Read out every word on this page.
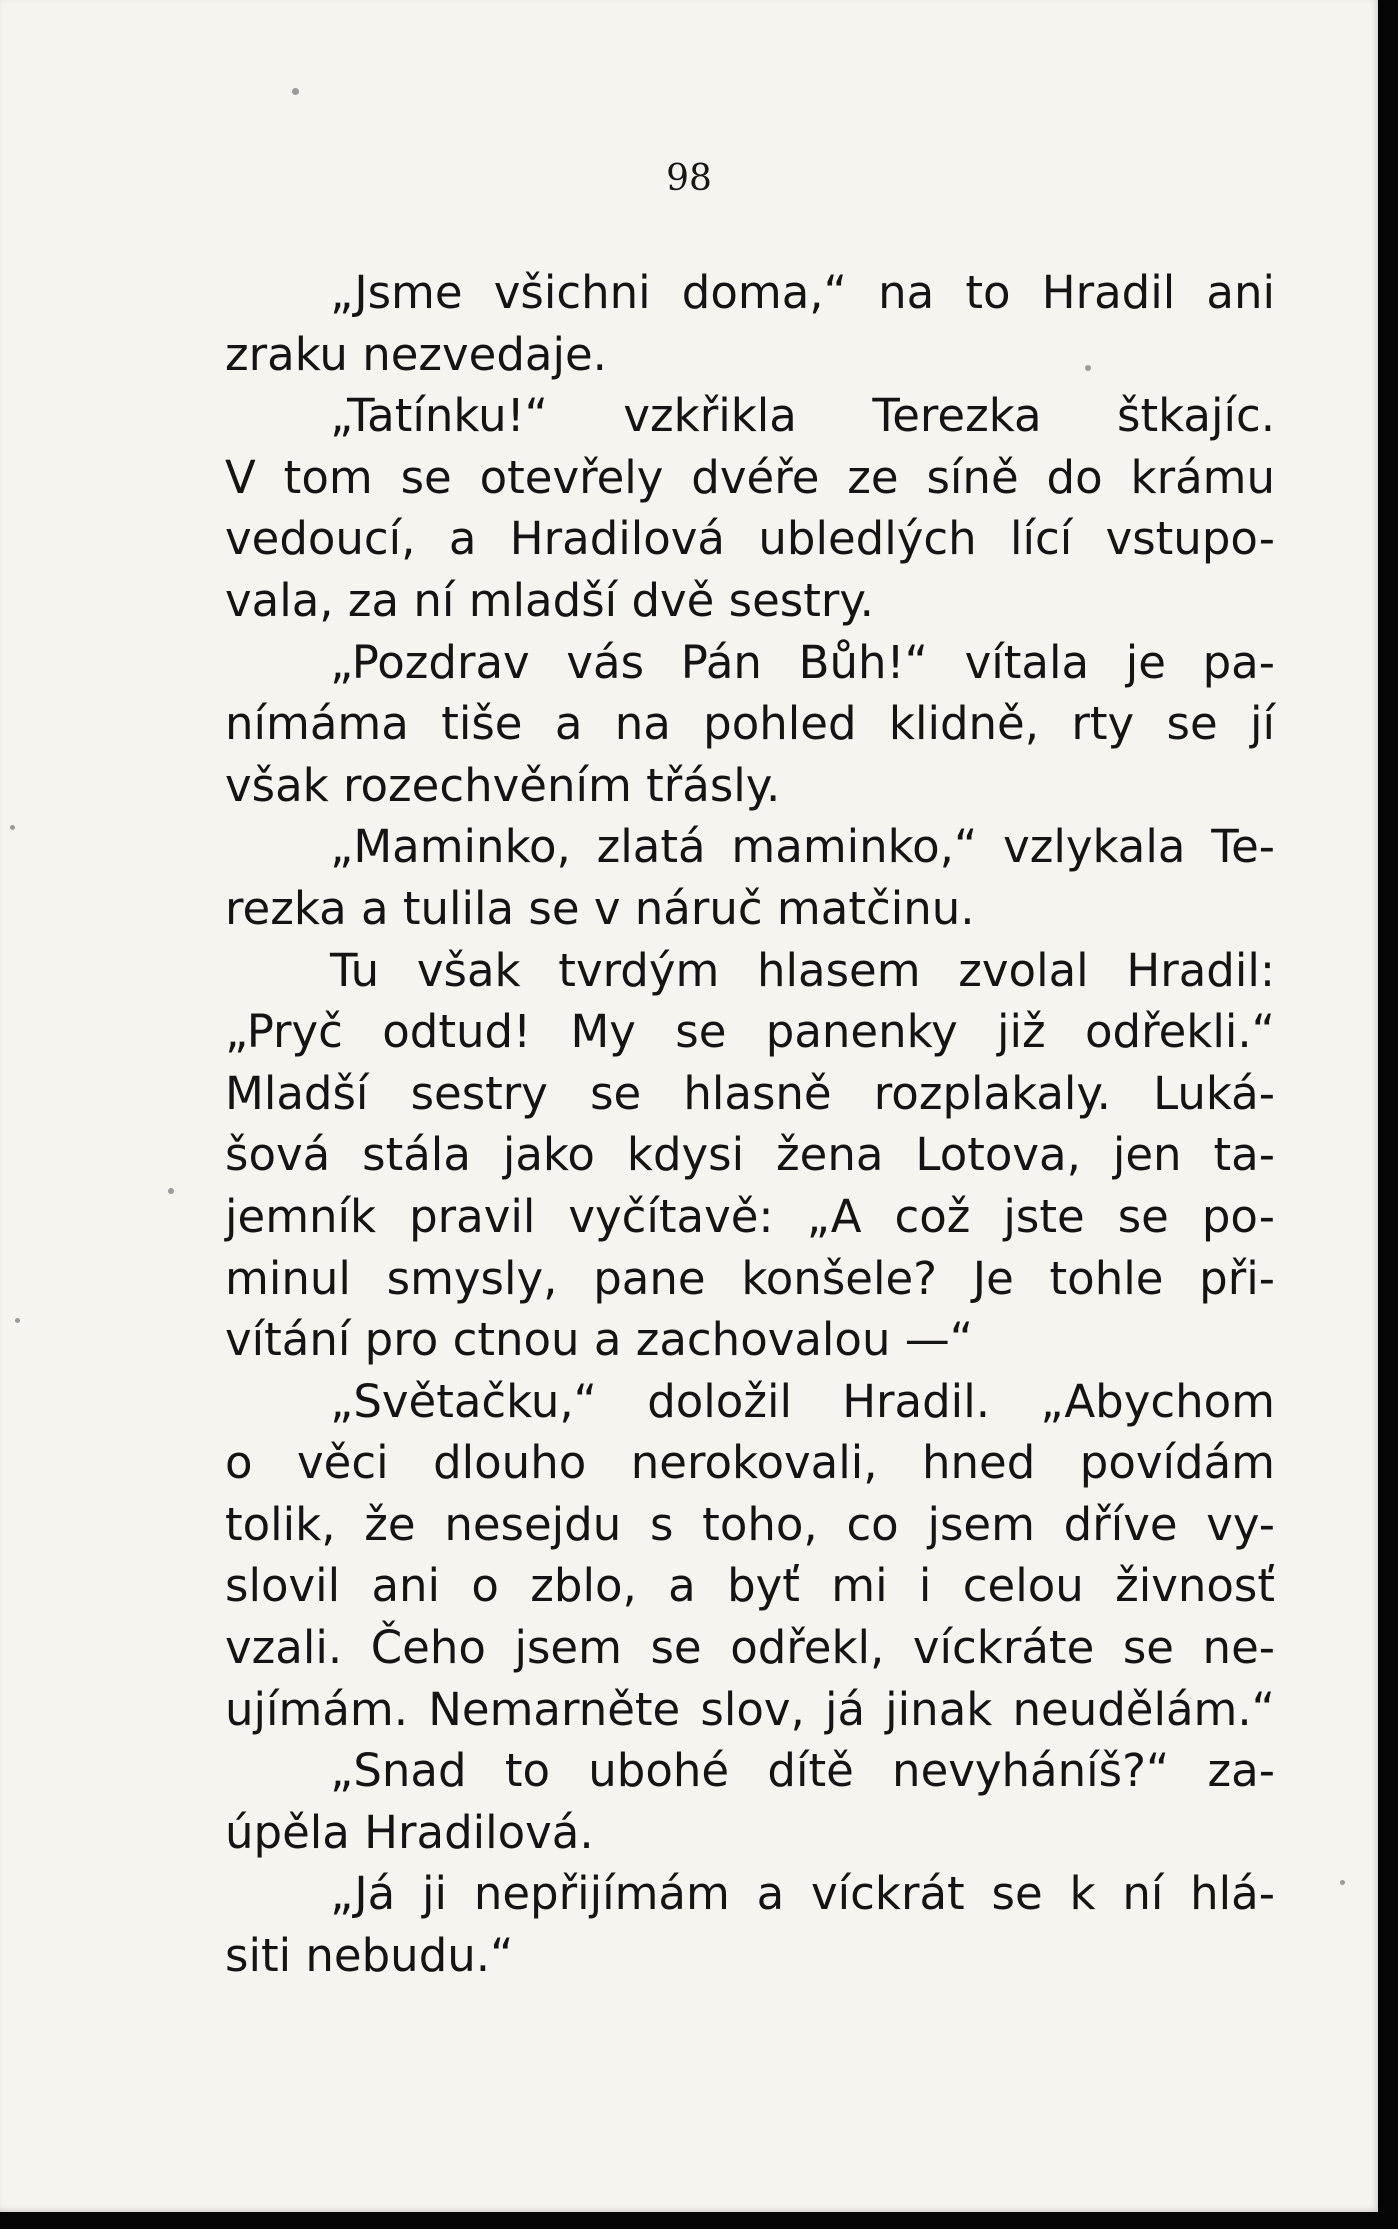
98
„Jsme všichni doma,“ na to Hradil ani
zraku nezvedaje.
„Tatínku!“ vzkřikla Terezka štkajíc.
V tom se otevřely dvéře ze síně do krámu
vedoucí, a Hradilová ubledlých lící vstupo-
vala, za ní mladší dvě sestry.
„Pozdrav vás Pán Bůh!“ vítala je pa-
nímáma tiše a na pohled klidně, rty se jí
však rozechvěním třásly.
„Maminko, zlatá maminko,“ vzlykala Te-
rezka a tulila se v náruč matčinu.
Tu však tvrdým hlasem zvolal Hradil:
„Pryč odtud! My se panenky již odřekli.“
Mladší sestry se hlasně rozplakaly. Luká-
šová stála jako kdysi žena Lotova, jen ta-
jemník pravil vyčítavě: „A což jste se po-
minul smysly, pane konšele? Je tohle při-
vítání pro ctnou a zachovalou —“
„Světačku,“ doložil Hradil. „Abychom
o věci dlouho nerokovali, hned povídám
tolik, že nesejdu s toho, co jsem dříve vy-
slovil ani o zblo, a byť mi i celou živnosť
vzali. Čeho jsem se odřekl, víckráte se ne-
ujímám. Nemarněte slov, já jinak neudělám.“
„Snad to ubohé dítě nevyháníš?“ za-
úpěla Hradilová.
„Já ji nepřijímám a víckrát se k ní hlá-
siti nebudu.“
